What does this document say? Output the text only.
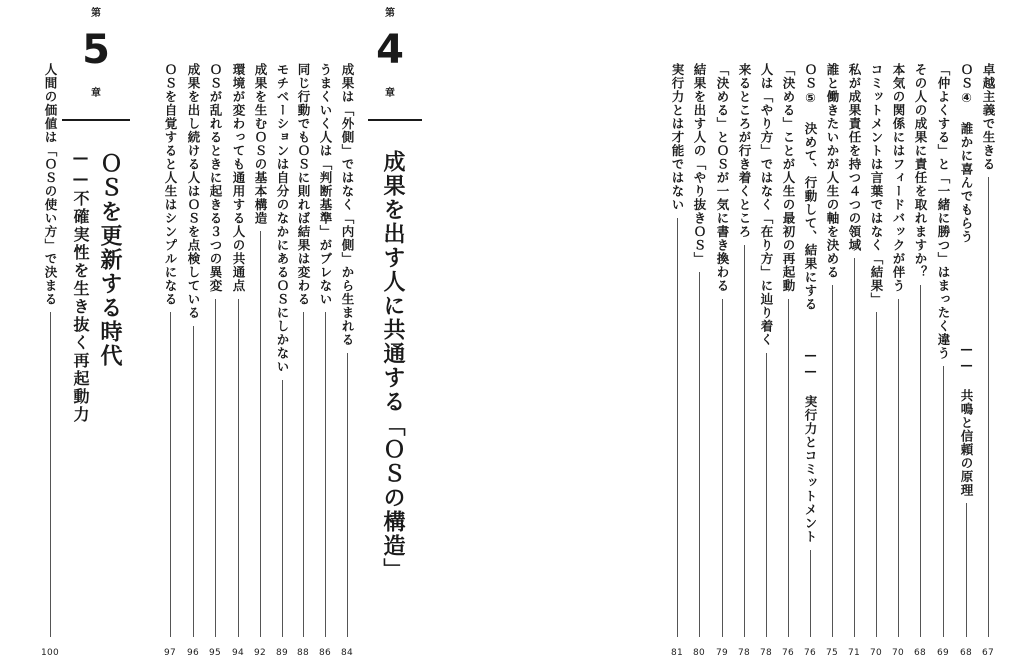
第
5
章
ＯＳを更新する時代
——不確実性を生き抜く再起動力
第
4
章
成果を出す人に共通する「ＯＳの構造」
卓越主義で生きる
67
ＯＳ④ 誰かに喜んでもらう
—— 共鳴と信頼の原理
68
「仲よくする」と「一緒に勝つ」はまったく違う
69
その人の成果に責任を取れますか？
68
本気の関係にはフィードバックが伴う
70
コミットメントは言葉ではなく「結果」
70
私が成果責任を持つ４つの領域
71
誰と働きたいかが人生の軸を決める
75
ＯＳ⑤ 決めて、行動して、結果にする
—— 実行力とコミットメント
76
「決める」ことが人生の最初の再起動
76
人は「やり方」ではなく「在り方」に辿り着く
78
来るところが行き着くところ
78
「決める」とＯＳが一気に書き換わる
79
結果を出す人の「やり抜きＯＳ」
80
実行力とは才能ではない
81
成果は「外側」ではなく「内側」から生まれる
84
うまくいく人は「判断基準」がブレない
86
同じ行動でもＯＳに則れば結果は変わる
88
モチベーションは自分のなかにあるＯＳにしかない
89
成果を生むＯＳの基本構造
92
環境が変わっても通用する人の共通点
94
ＯＳが乱れるときに起きる３つの異変
95
成果を出し続ける人はＯＳを点検している
96
ＯＳを自覚すると人生はシンプルになる
97
人間の価値は「ＯＳの使い方」で決まる
100
